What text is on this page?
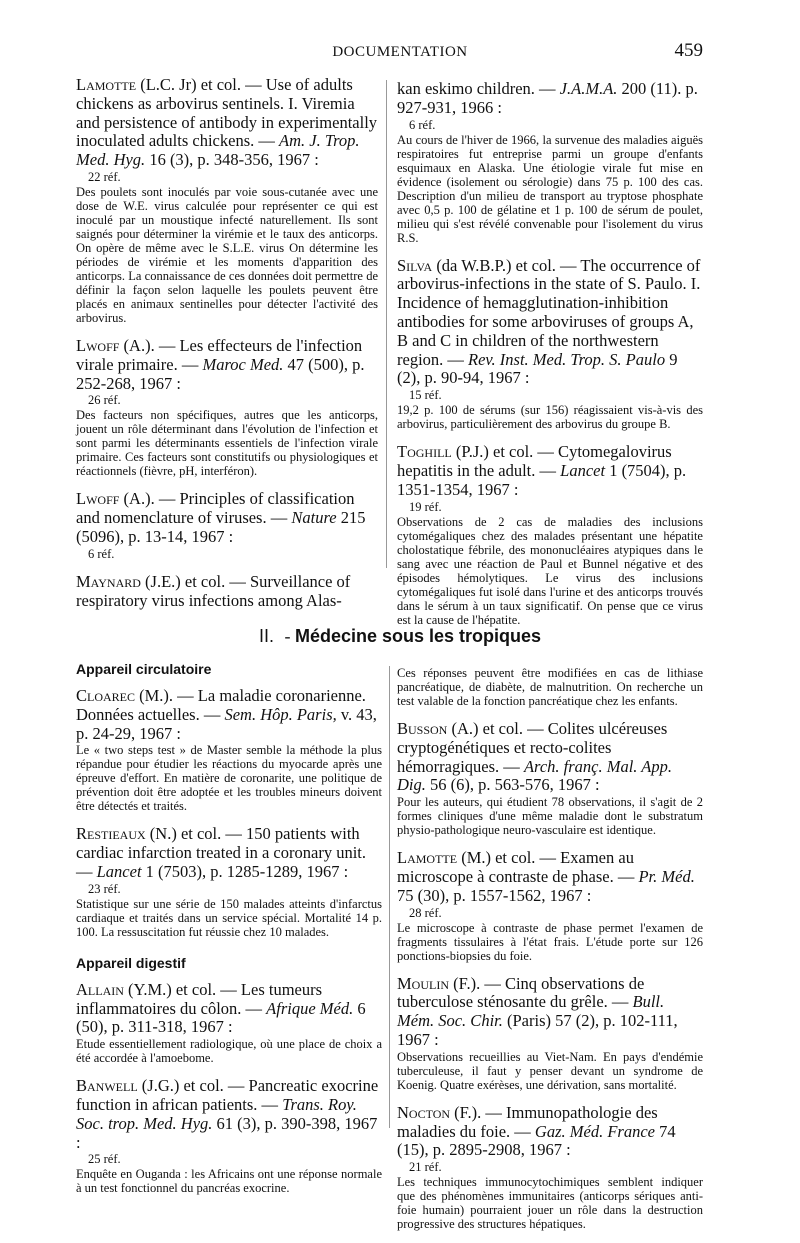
DOCUMENTATION	459

Lamotte (L.C. Jr) et col. — Use of adults chickens as arbovirus sentinels. I. Viremia and persistence of antibody in experimentally inoculated adults chickens. — Am. J. Trop. Med. Hyg. 16 (3), p. 348-356, 1967 :

22 réf.

Des poulets sont inoculés par voie sous-cutanée avec une dose de W.E. virus calculée pour représenter ce qui est inoculé par un moustique infecté naturellement. Ils sont saignés pour déterminer la virémie et le taux des anticorps. On opère de même avec le S.L.E. virus On détermine les périodes de virémie et les moments d'apparition des anticorps. La connaissance de ces données doit permettre de définir la façon selon laquelle les poulets peuvent être placés en animaux sentinelles pour détecter l'activité des arbovirus.

Lwoff (A.). — Les effecteurs de l'infection virale primaire. — Maroc Med. 47 (500), p. 252-268, 1967 :

26 réf.

Des facteurs non spécifiques, autres que les anticorps, jouent un rôle déterminant dans l'évolution de l'infection et sont parmi les déterminants essentiels de l'infection virale primaire. Ces facteurs sont constitutifs ou physiologiques et réactionnels (fièvre, pH, interféron).

Lwoff (A.). — Principles of classification and nomenclature of viruses. — Nature 215 (5096), p. 13-14, 1967 :

6 réf.

Maynard (J.E.) et col. — Surveillance of respiratory virus infections among Alas-

kan eskimo children. — J.A.M.A. 200 (11). p. 927-931, 1966 :

6 réf.

Au cours de l'hiver de 1966, la survenue des maladies aiguës respiratoires fut entreprise parmi un groupe d'enfants esquimaux en Alaska. Une étiologie virale fut mise en évidence (isolement ou sérologie) dans 75 p. 100 des cas. Description d'un milieu de transport au tryptose phosphate avec 0,5 p. 100 de gélatine et 1 p. 100 de sérum de poulet, milieu qui s'est révélé convenable pour l'isolement du virus R.S.

Silva (da W.B.P.) et col. — The occurrence of arbovirus-infections in the state of S. Paulo. I. Incidence of hemagglutination-inhibition antibodies for some arboviruses of groups A, B and C in children of the northwestern region. — Rev. Inst. Med. Trop. S. Paulo 9 (2), p. 90-94, 1967 :

15 réf.

19,2 p. 100 de sérums (sur 156) réagissaient vis-à-vis des arbovirus, particulièrement des arbovirus du groupe B.

Toghill (P.J.) et col. — Cytomegalovirus hepatitis in the adult. — Lancet 1 (7504), p. 1351-1354, 1967 :

19 réf.

Observations de 2 cas de maladies des inclusions cytomégaliques chez des malades présentant une hépatite cholostatique fébrile, des mononucléaires atypiques dans le sang avec une réaction de Paul et Bunnel négative et des épisodes hémolytiques. Le virus des inclusions cytomégaliques fut isolé dans l'urine et des anticorps trouvés dans le sérum à un taux significatif. On pense que ce virus est la cause de l'hépatite.

II. - Médecine sous les tropiques
Appareil circulatoire

Cloarec (M.). — La maladie coronarienne. Données actuelles. — Sem. Hôp. Paris, v. 43, p. 24-29, 1967 :

Le « two steps test » de Master semble la méthode la plus répandue pour étudier les réactions du myocarde après une épreuve d'effort. En matière de coronarite, une politique de prévention doit être adoptée et les troubles mineurs doivent être détectés et traités.

Restieaux (N.) et col. — 150 patients with cardiac infarction treated in a coronary unit. — Lancet 1 (7503), p. 1285-1289, 1967 :

23 réf.

Statistique sur une série de 150 malades atteints d'infarctus cardiaque et traités dans un service spécial. Mortalité 14 p. 100. La ressuscitation fut réussie chez 10 malades.

Appareil digestif

Allain (Y.M.) et col. — Les tumeurs inflammatoires du côlon. — Afrique Méd. 6 (50), p. 311-318, 1967 :

Etude essentiellement radiologique, où une place de choix a été accordée à l'amoebome.

Banwell (J.G.) et col. — Pancreatic exocrine function in african patients. — Trans. Roy. Soc. trop. Med. Hyg. 61 (3), p. 390-398, 1967 :

25 réf.

Enquête en Ouganda : les Africains ont une réponse normale à un test fonctionnel du pancréas exocrine.

Ces réponses peuvent être modifiées en cas de lithiase pancréatique, de diabète, de malnutrition. On recherche un test valable de la fonction pancréatique chez les enfants.

Busson (A.) et col. — Colites ulcéreuses cryptogénétiques et recto-colites hémorragiques. — Arch. franç. Mal. App. Dig. 56 (6), p. 563-576, 1967 :

Pour les auteurs, qui étudient 78 observations, il s'agit de 2 formes cliniques d'une même maladie dont le substratum physio-pathologique neuro-vasculaire est identique.

Lamotte (M.) et col. — Examen au microscope à contraste de phase. — Pr. Méd. 75 (30), p. 1557-1562, 1967 :

28 réf.

Le microscope à contraste de phase permet l'examen de fragments tissulaires à l'état frais. L'étude porte sur 126 ponctions-biopsies du foie.

Moulin (F.). — Cinq observations de tuberculose sténosante du grêle. — Bull. Mém. Soc. Chir. (Paris) 57 (2), p. 102-111, 1967 :

Observations recueillies au Viet-Nam. En pays d'endémie tuberculeuse, il faut y penser devant un syndrome de Koenig. Quatre exérèses, une dérivation, sans mortalité.

Nocton (F.). — Immunopathologie des maladies du foie. — Gaz. Méd. France 74 (15), p. 2895-2908, 1967 :

21 réf.

Les techniques immunocytochimiques semblent indiquer que des phénomènes immunitaires (anticorps sériques anti-foie humain) pourraient jouer un rôle dans la destruction progressive des structures hépatiques.
